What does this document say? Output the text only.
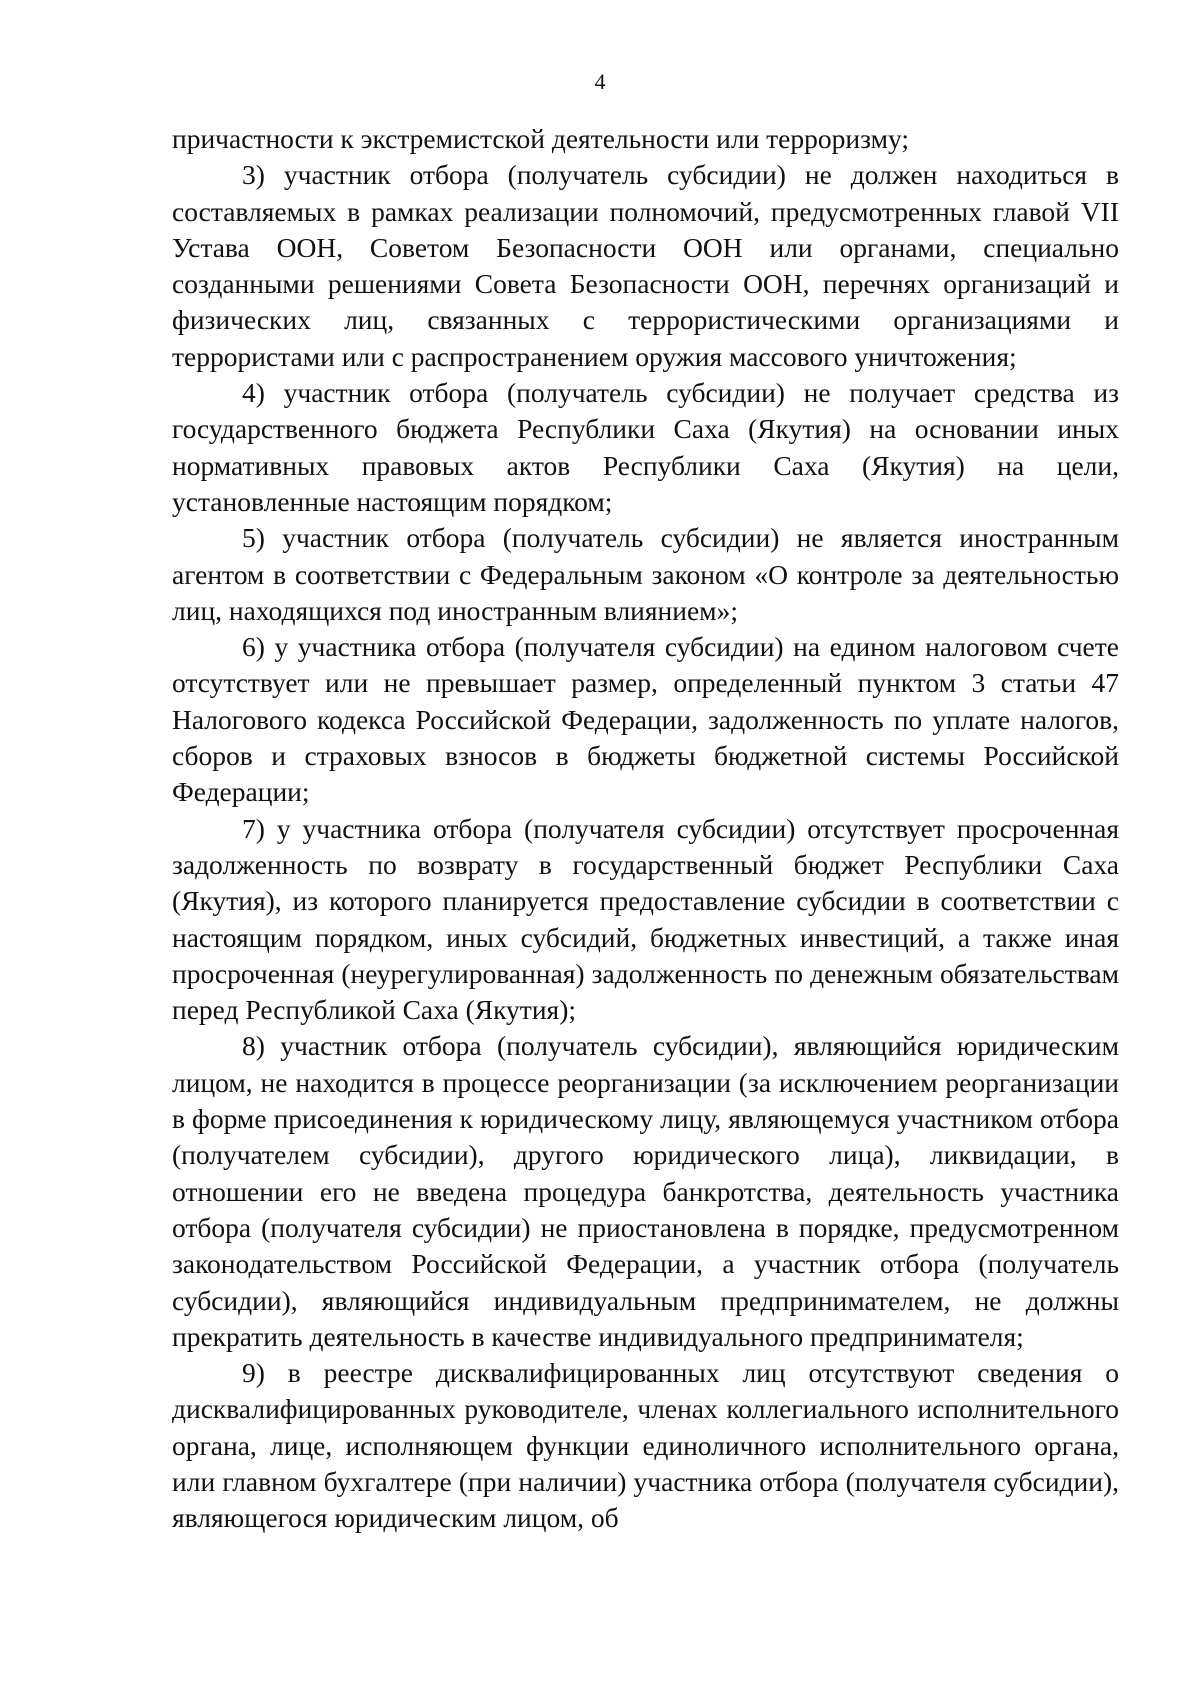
4

причастности к экстремистской деятельности или терроризму;

3) участник отбора (получатель субсидии) не должен находиться в составляемых в рамках реализации полномочий, предусмотренных главой VII Устава ООН, Советом Безопасности ООН или органами, специально созданными решениями Совета Безопасности ООН, перечнях организаций и физических лиц, связанных с террористическими организациями и террористами или с распространением оружия массового уничтожения;

4) участник отбора (получатель субсидии) не получает средства из государственного бюджета Республики Саха (Якутия) на основании иных нормативных правовых актов Республики Саха (Якутия) на цели, установленные настоящим порядком;

5) участник отбора (получатель субсидии) не является иностранным агентом в соответствии с Федеральным законом «О контроле за деятельностью лиц, находящихся под иностранным влиянием»;

6) у участника отбора (получателя субсидии) на едином налоговом счете отсутствует или не превышает размер, определенный пунктом 3 статьи 47 Налогового кодекса Российской Федерации, задолженность по уплате налогов, сборов и страховых взносов в бюджеты бюджетной системы Российской Федерации;

7) у участника отбора (получателя субсидии) отсутствует просроченная задолженность по возврату в государственный бюджет Республики Саха (Якутия), из которого планируется предоставление субсидии в соответствии с настоящим порядком, иных субсидий, бюджетных инвестиций, а также иная просроченная (неурегулированная) задолженность по денежным обязательствам перед Республикой Саха (Якутия);

8) участник отбора (получатель субсидии), являющийся юридическим лицом, не находится в процессе реорганизации (за исключением реорганизации в форме присоединения к юридическому лицу, являющемуся участником отбора (получателем субсидии), другого юридического лица), ликвидации, в отношении его не введена процедура банкротства, деятельность участника отбора (получателя субсидии) не приостановлена в порядке, предусмотренном законодательством Российской Федерации, а участник отбора (получатель субсидии), являющийся индивидуальным предпринимателем, не должны прекратить деятельность в качестве индивидуального предпринимателя;

9) в реестре дисквалифицированных лиц отсутствуют сведения о дисквалифицированных руководителе, членах коллегиального исполнительного органа, лице, исполняющем функции единоличного исполнительного органа, или главном бухгалтере (при наличии) участника отбора (получателя субсидии), являющегося юридическим лицом, об
